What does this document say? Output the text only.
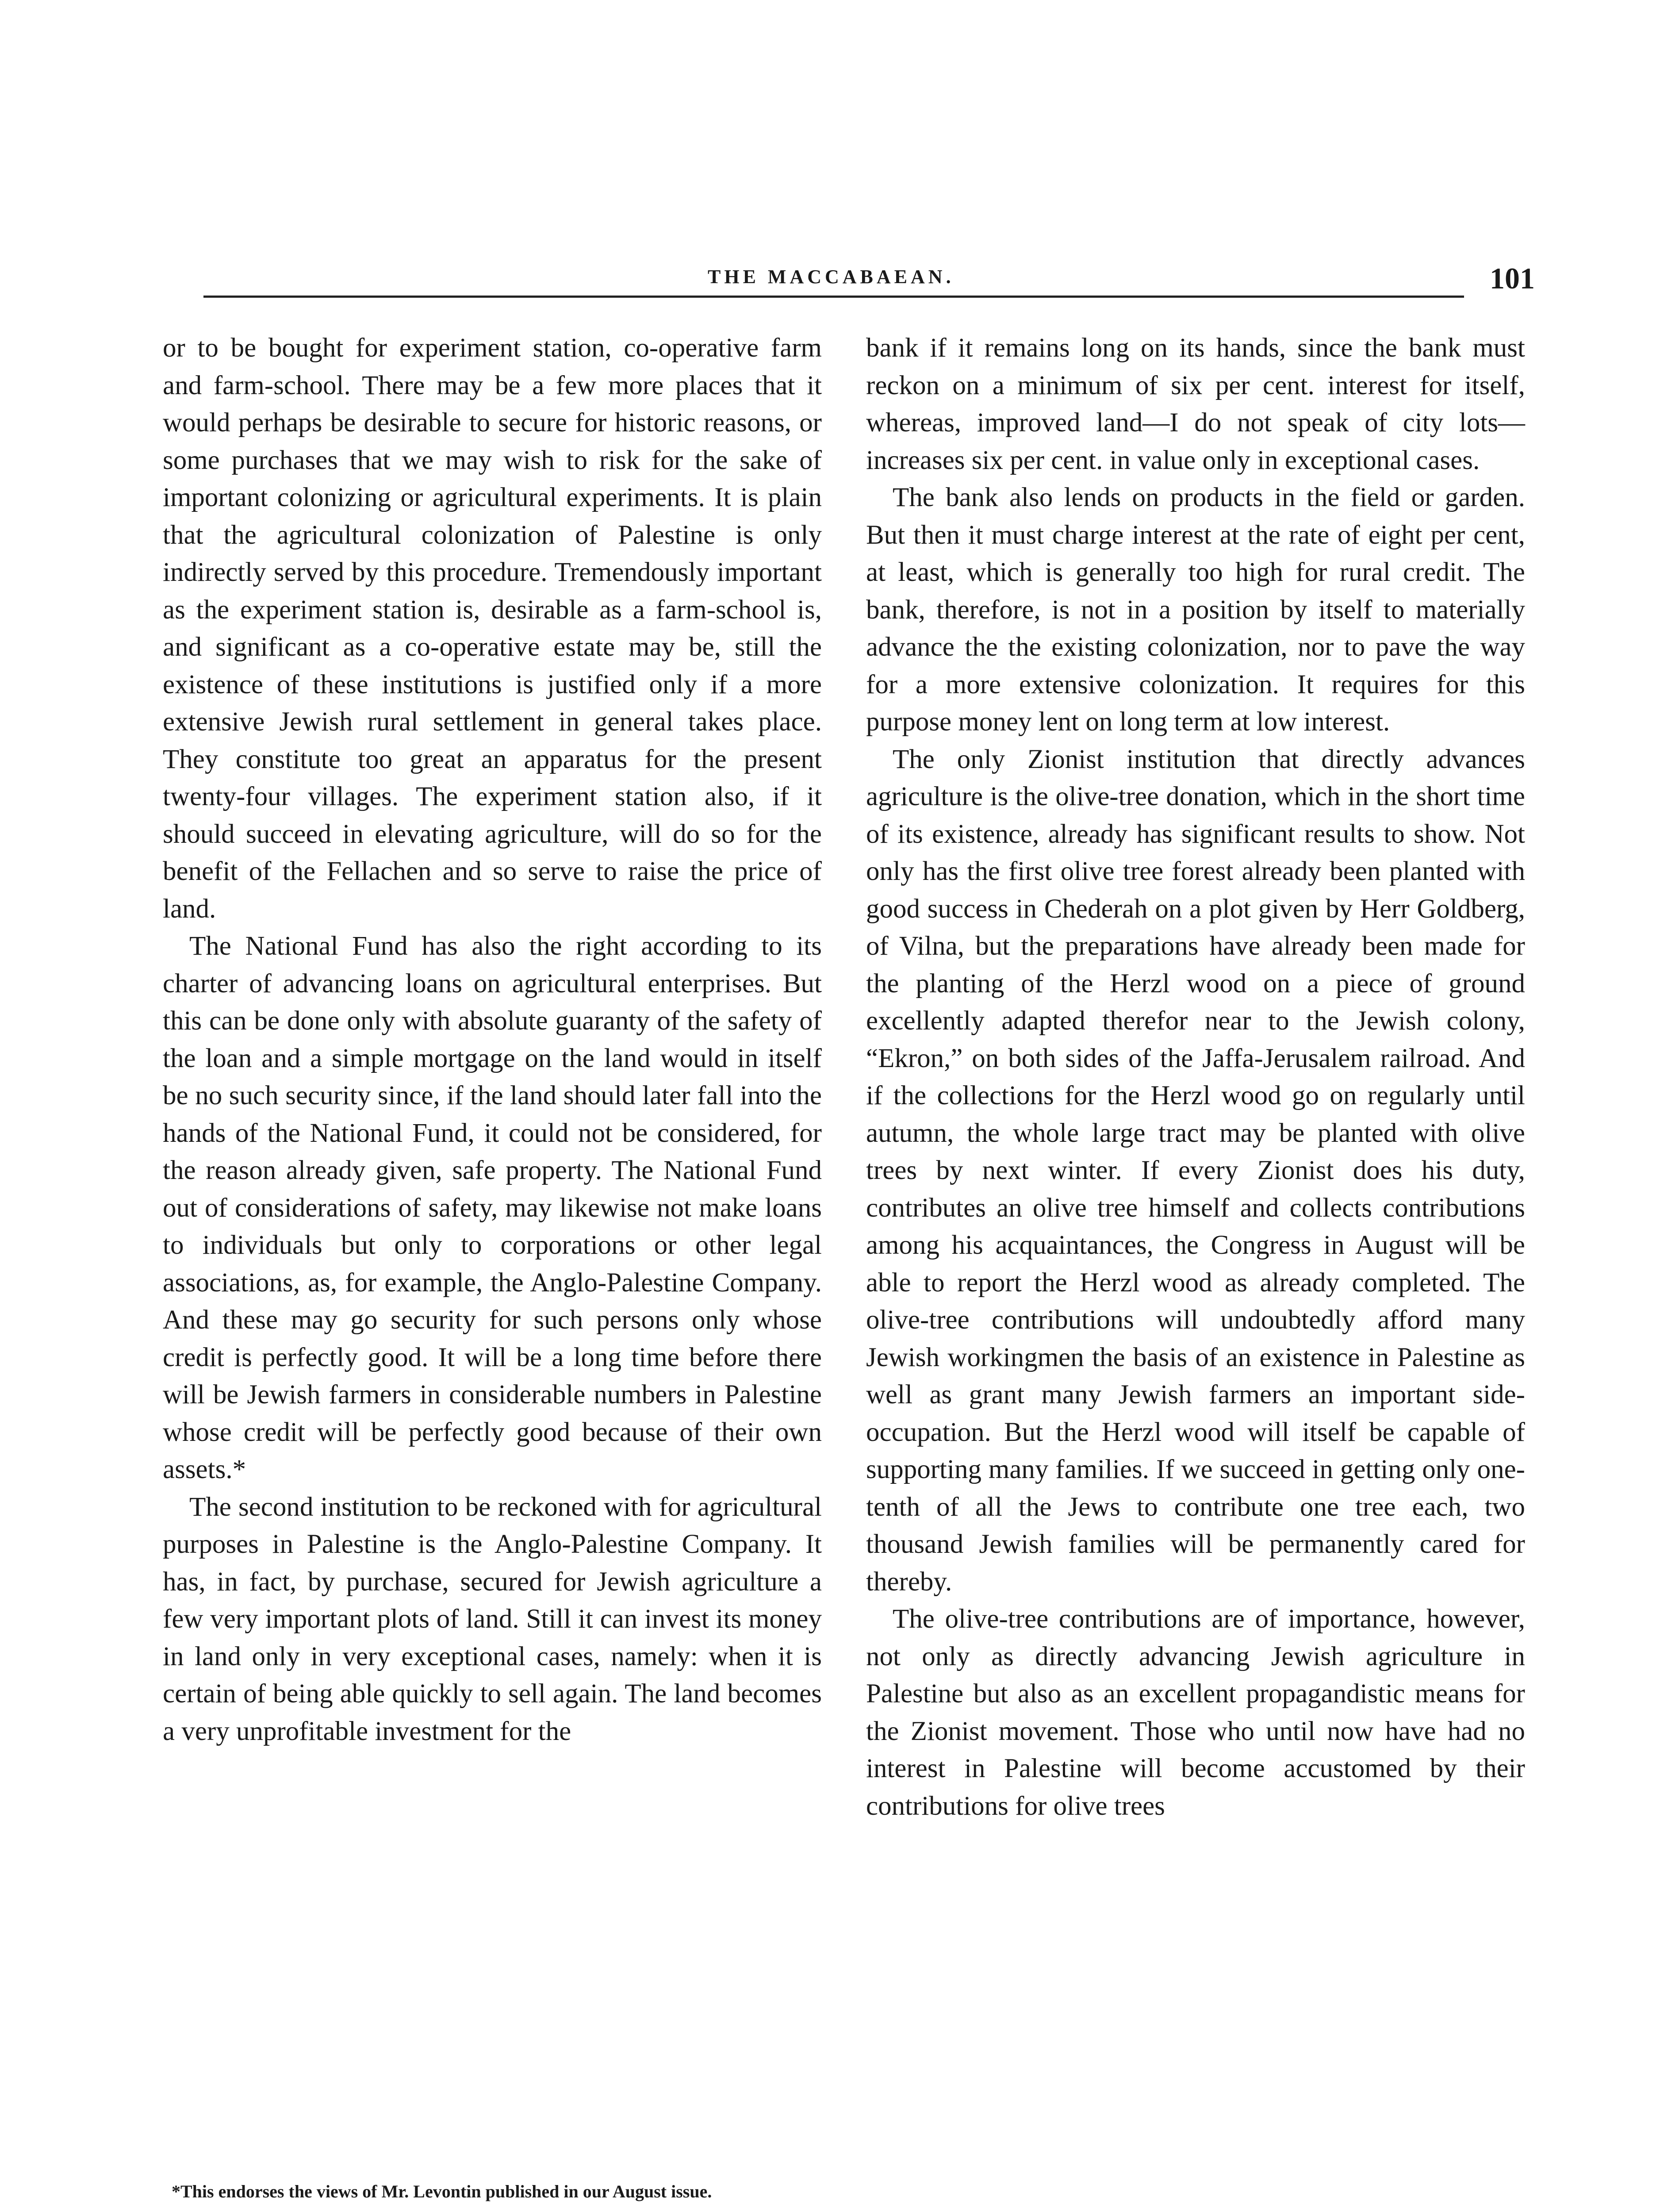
THE MACCABAEAN.	101

or to be bought for experiment station, co-operative farm and farm-school. There may be a few more places that it would perhaps be desirable to secure for historic reasons, or some purchases that we may wish to risk for the sake of important colonizing or agricultural experiments. It is plain that the agricultural colonization of Palestine is only indirectly served by this procedure. Tremendously important as the experiment station is, desirable as a farm-school is, and significant as a co-operative estate may be, still the existence of these institutions is justified only if a more extensive Jewish rural settlement in general takes place. They constitute too great an apparatus for the present twenty-four villages. The experiment station also, if it should succeed in elevating agriculture, will do so for the benefit of the Fellachen and so serve to raise the price of land.

The National Fund has also the right according to its charter of advancing loans on agricultural enterprises. But this can be done only with absolute guaranty of the safety of the loan and a simple mortgage on the land would in itself be no such security since, if the land should later fall into the hands of the National Fund, it could not be considered, for the reason already given, safe property. The National Fund out of considerations of safety, may likewise not make loans to individuals but only to corporations or other legal associations, as, for example, the Anglo-Palestine Company. And these may go security for such persons only whose credit is perfectly good. It will be a long time before there will be Jewish farmers in considerable numbers in Palestine whose credit will be perfectly good because of their own assets.*

The second institution to be reckoned with for agricultural purposes in Palestine is the Anglo-Palestine Company. It has, in fact, by purchase, secured for Jewish agriculture a few very important plots of land. Still it can invest its money in land only in very exceptional cases, namely: when it is certain of being able quickly to sell again. The land becomes a very unprofitable investment for the

bank if it remains long on its hands, since the bank must reckon on a minimum of six per cent. interest for itself, whereas, improved land—I do not speak of city lots—increases six per cent. in value only in exceptional cases.

The bank also lends on products in the field or garden. But then it must charge interest at the rate of eight per cent, at least, which is generally too high for rural credit. The bank, therefore, is not in a position by itself to materially advance the the existing colonization, nor to pave the way for a more extensive colonization. It requires for this purpose money lent on long term at low interest.

The only Zionist institution that directly advances agriculture is the olive-tree donation, which in the short time of its existence, already has significant results to show. Not only has the first olive tree forest already been planted with good success in Chederah on a plot given by Herr Goldberg, of Vilna, but the preparations have already been made for the planting of the Herzl wood on a piece of ground excellently adapted therefor near to the Jewish colony, “Ekron,” on both sides of the Jaffa-Jerusalem railroad. And if the collections for the Herzl wood go on regularly until autumn, the whole large tract may be planted with olive trees by next winter. If every Zionist does his duty, contributes an olive tree himself and collects contributions among his acquaintances, the Congress in August will be able to report the Herzl wood as already completed. The olive-tree contributions will undoubtedly afford many Jewish workingmen the basis of an existence in Palestine as well as grant many Jewish farmers an important side-occupation. But the Herzl wood will itself be capable of supporting many families. If we succeed in getting only one-tenth of all the Jews to contribute one tree each, two thousand Jewish families will be permanently cared for thereby.

The olive-tree contributions are of importance, however, not only as directly advancing Jewish agriculture in Palestine but also as an excellent propagandistic means for the Zionist movement. Those who until now have had no interest in Palestine will become accustomed by their contributions for olive trees

*This endorses the views of Mr. Levontin published in our August issue.
